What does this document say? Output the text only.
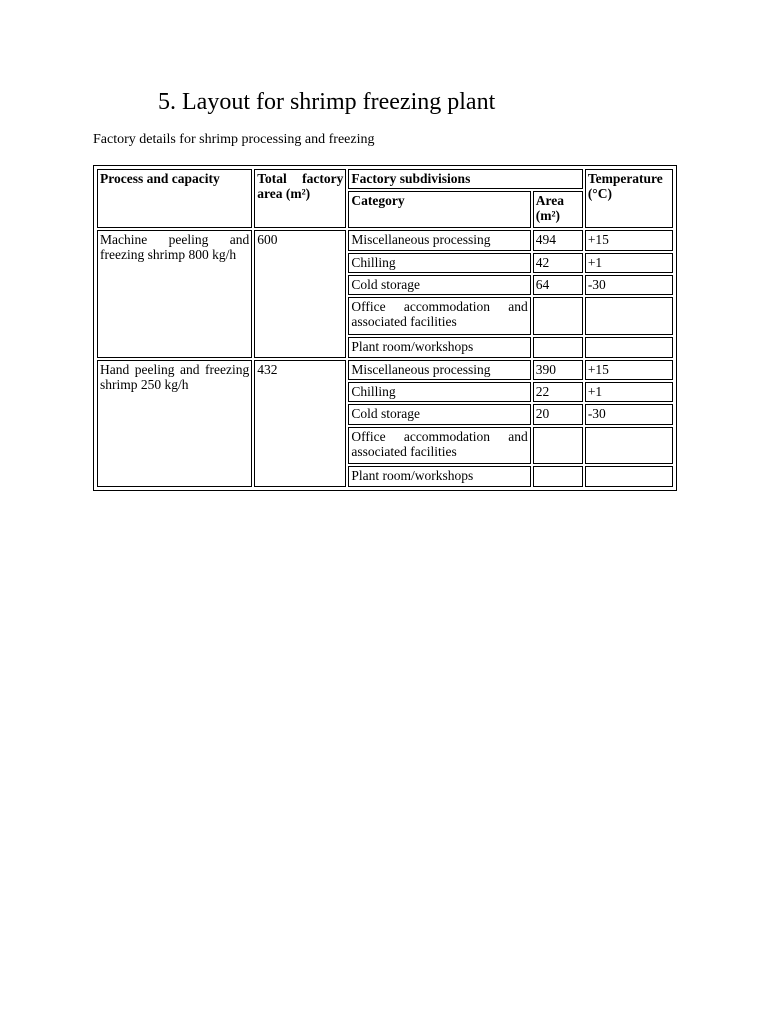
5. Layout for shrimp freezing plant

Factory details for shrimp processing and freezing

Process and capacity	Total factory area (m²)	Factory subdivisions		Temperature (°C)
		Category	Area (m²)	
Machine peeling and freezing shrimp 800 kg/h	600	Miscellaneous processing	494	+15
		Chilling	42	+1
		Cold storage	64	-30
		Office accommodation and associated facilities		
		Plant room/workshops		
Hand peeling and freezing shrimp 250 kg/h	432	Miscellaneous processing	390	+15
		Chilling	22	+1
		Cold storage	20	-30
		Office accommodation and associated facilities		
		Plant room/workshops		
